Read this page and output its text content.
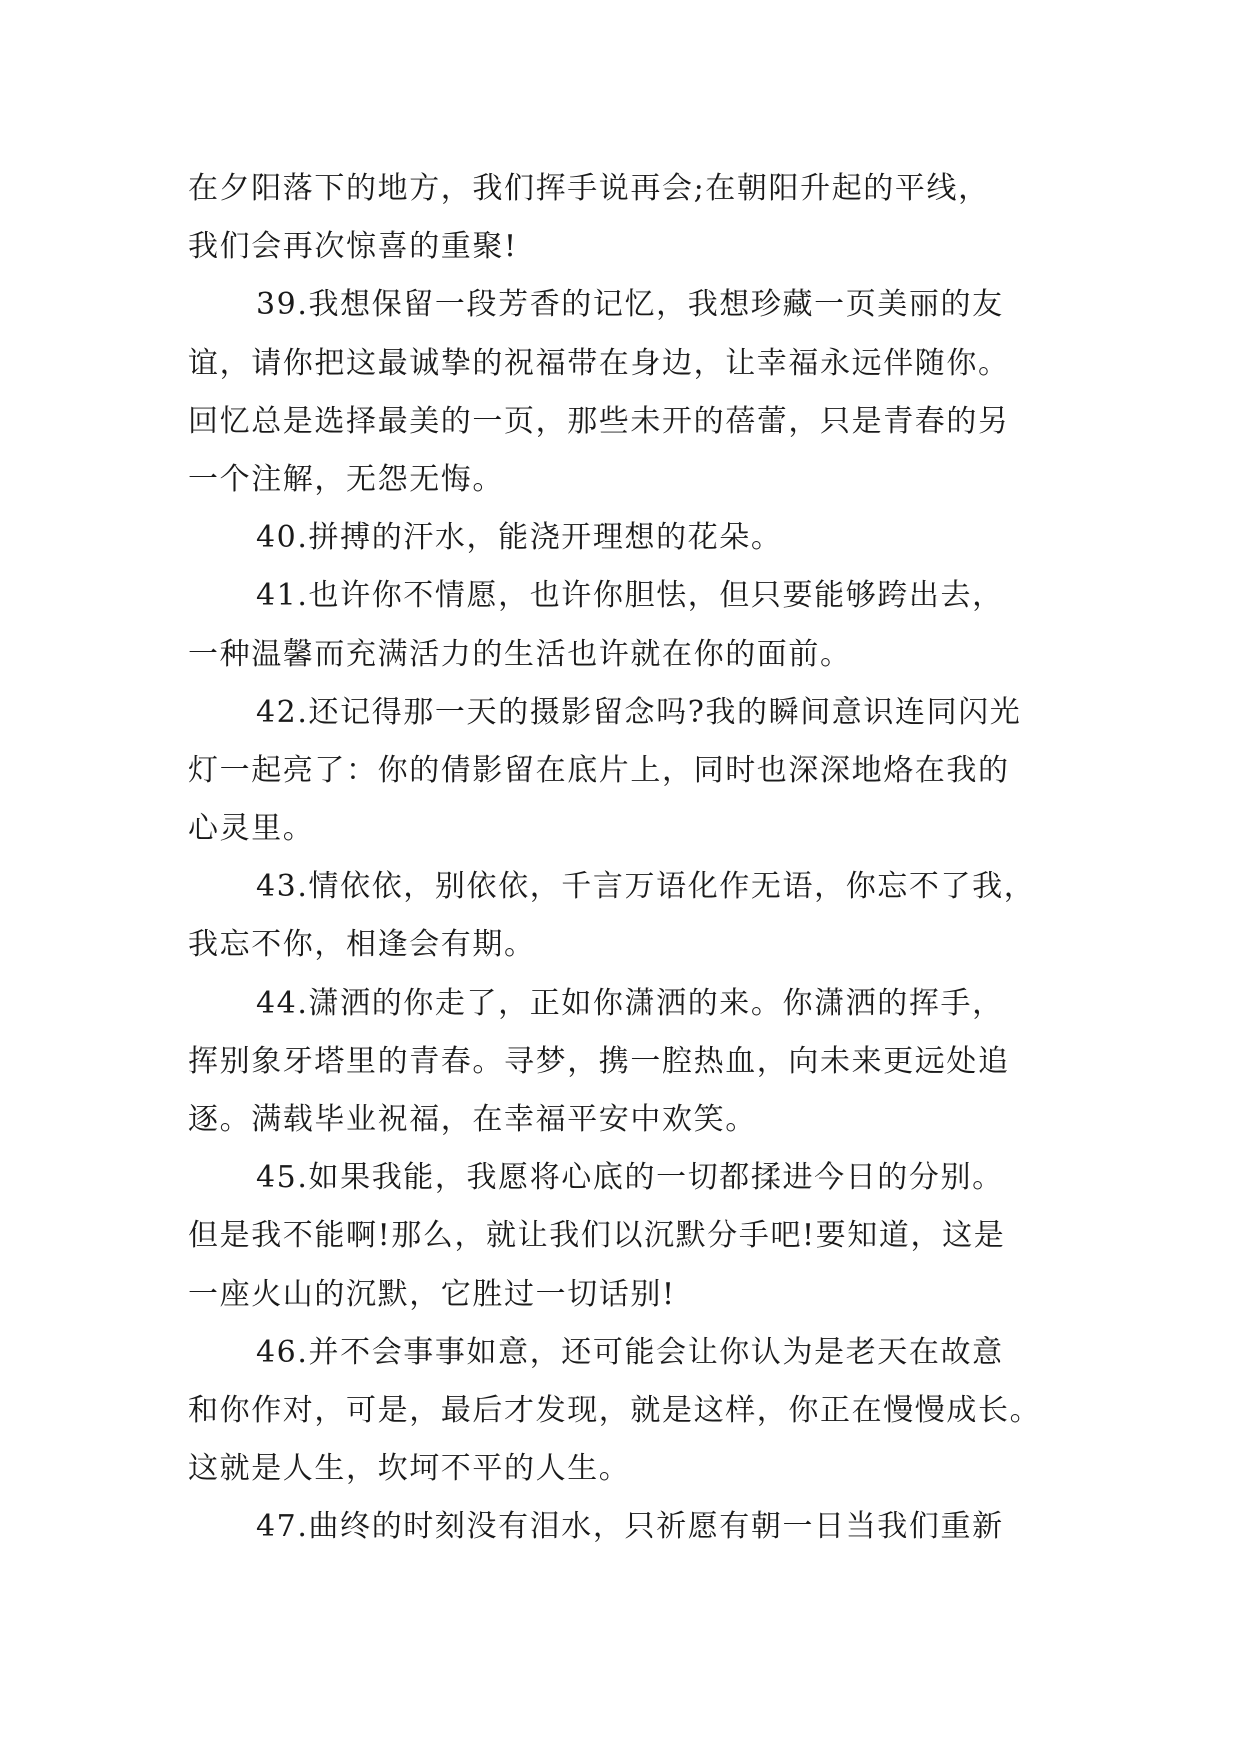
在夕阳落下的地方，我们挥手说再会;在朝阳升起的平线，
我们会再次惊喜的重聚!
39.我想保留一段芳香的记忆，我想珍藏一页美丽的友
谊，请你把这最诚挚的祝福带在身边，让幸福永远伴随你。
回忆总是选择最美的一页，那些未开的蓓蕾，只是青春的另
一个注解，无怨无悔。
40.拼搏的汗水，能浇开理想的花朵。
41.也许你不情愿，也许你胆怯，但只要能够跨出去，
一种温馨而充满活力的生活也许就在你的面前。
42.还记得那一天的摄影留念吗?我的瞬间意识连同闪光
灯一起亮了：你的倩影留在底片上，同时也深深地烙在我的
心灵里。
43.情依依，别依依，千言万语化作无语，你忘不了我，
我忘不你，相逢会有期。
44.潇洒的你走了，正如你潇洒的来。你潇洒的挥手，
挥别象牙塔里的青春。寻梦，携一腔热血，向未来更远处追
逐。满载毕业祝福，在幸福平安中欢笑。
45.如果我能，我愿将心底的一切都揉进今日的分别。
但是我不能啊!那么，就让我们以沉默分手吧!要知道，这是
一座火山的沉默，它胜过一切话别!
46.并不会事事如意，还可能会让你认为是老天在故意
和你作对，可是，最后才发现，就是这样，你正在慢慢成长。
这就是人生，坎坷不平的人生。
47.曲终的时刻没有泪水，只祈愿有朝一日当我们重新
